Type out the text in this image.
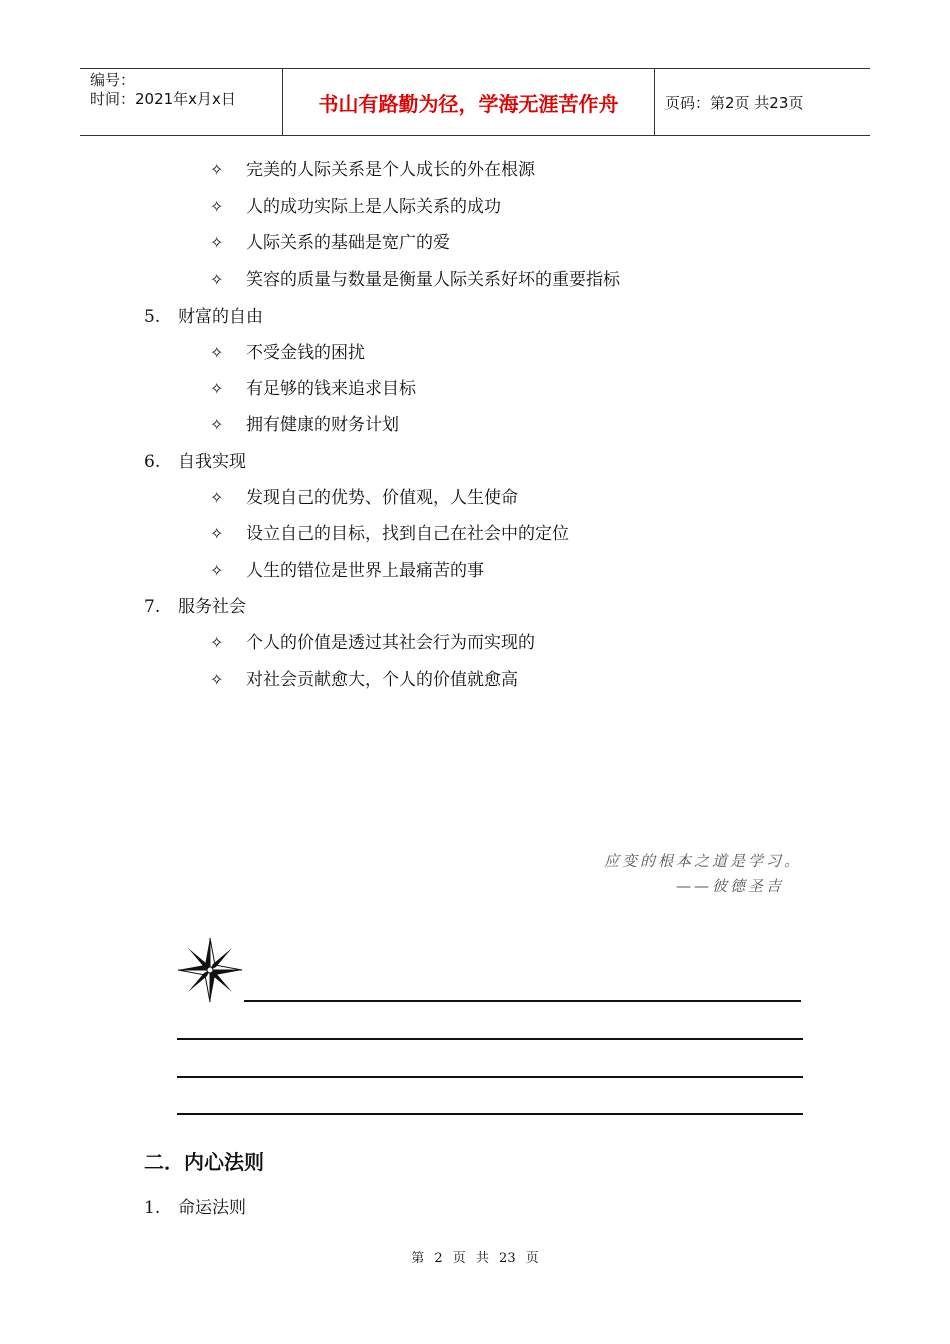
编号：
时间：2021年x月x日	书山有路勤为径，学海无涯苦作舟	页码：第2页 共23页
✧ 完美的人际关系是个人成长的外在根源
✧ 人的成功实际上是人际关系的成功
✧ 人际关系的基础是宽广的爱
✧ 笑容的质量与数量是衡量人际关系好坏的重要指标
5. 财富的自由
✧ 不受金钱的困扰
✧ 有足够的钱来追求目标
✧ 拥有健康的财务计划
6. 自我实现
✧ 发现自己的优势、价值观，人生使命
✧ 设立自己的目标，找到自己在社会中的定位
✧ 人生的错位是世界上最痛苦的事
7. 服务社会
✧ 个人的价值是透过其社会行为而实现的
✧ 对社会贡献愈大，个人的价值就愈高
应变的根本之道是学习。
——彼德圣吉
二．内心法则
1. 命运法则
第 2 页 共 23 页
